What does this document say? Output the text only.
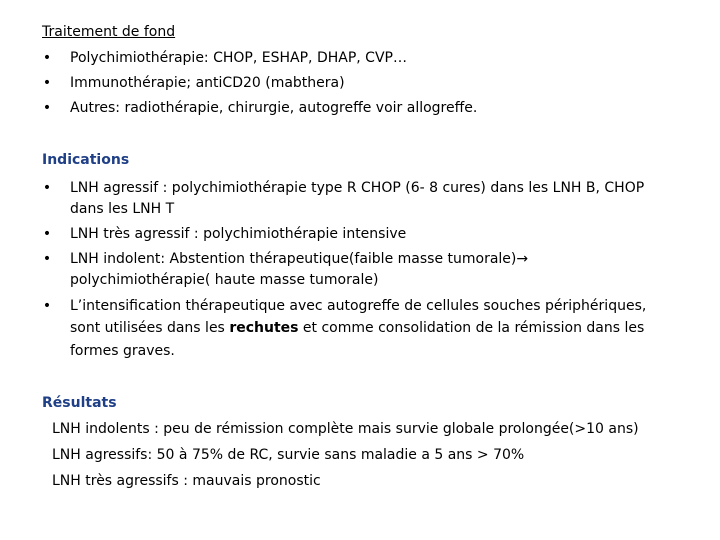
Traitement de fond
• Polychimiothérapie: CHOP, ESHAP, DHAP, CVP…
• Immunothérapie; antiCD20 (mabthera)
• Autres: radiothérapie, chirurgie, autogreffe voir allogreffe.
Indications
• LNH agressif : polychimiothérapie type R CHOP (6- 8 cures) dans les LNH B, CHOP
dans les LNH T
• LNH très agressif : polychimiothérapie intensive
• LNH indolent: Abstention thérapeutique(faible masse tumorale)→
polychimiothérapie( haute masse tumorale)
• L’intensification thérapeutique avec autogreffe de cellules souches périphériques,
sont utilisées dans les rechutes et comme consolidation de la rémission dans les
formes graves.
Résultats
LNH indolents : peu de rémission complète mais survie globale prolongée(>10 ans)
LNH agressifs: 50 à 75% de RC, survie sans maladie a 5 ans > 70%
LNH très agressifs : mauvais pronostic
